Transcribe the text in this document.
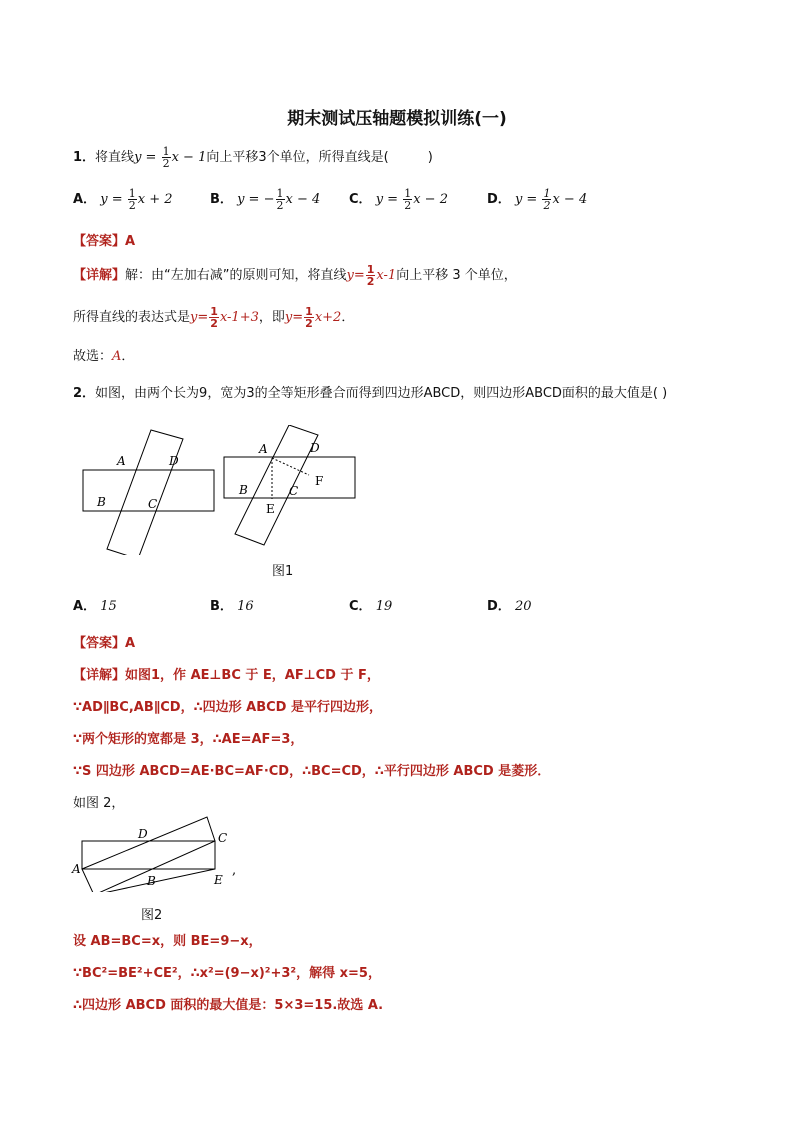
期末测试压轴题模拟训练(一)
1．将直线$y = \frac{1}{2}$ x − 1向上平移3个单位，所得直线是(　　　)
A． $y = \frac{1}{2}$ x + 2	B． y = − $\frac{1}{2}$ x − 4 C． $y = \frac{1}{2}$ x − 2	D． $y = \frac{1}{2}$ x − 4
【答案】A
【详解】解：由“左加右减”的原则可知，将直线$y= \frac{1}{2} x-1$向上平移 3 个单位，
所得直线的表达式是$y= \frac{1}{2} x-1+3$，即$y= \frac{1}{2} x+2$．
故选：A．
2．如图，由两个长为9，宽为3的全等矩形叠合而得到四边形ABCD，则四边形ABCD面积的最大值是( )
A	D
B	C
A	D
B	C
E
F
图1
A． 15	B． 16	C． 19	D． 20
【答案】A
【详解】如图1，作 AE⊥BC 于 E，AF⊥CD 于 F，
∵AD∥BC,AB∥CD，∴四边形 ABCD 是平行四边形，
∵两个矩形的宽都是 3，∴AE=AF=3，
∵S 四边形 ABCD=AE·BC=AF·CD，∴BC=CD，∴平行四边形 ABCD 是菱形．
如图 2，
A
D	C
B	E
,
图2
设 AB=BC=x，则 BE=9−x，
∵BC²=BE²+CE²，∴x²=(9−x)²+3²，解得 x=5，
∴四边形 ABCD 面积的最大值是：5×3=15.故选 A.
